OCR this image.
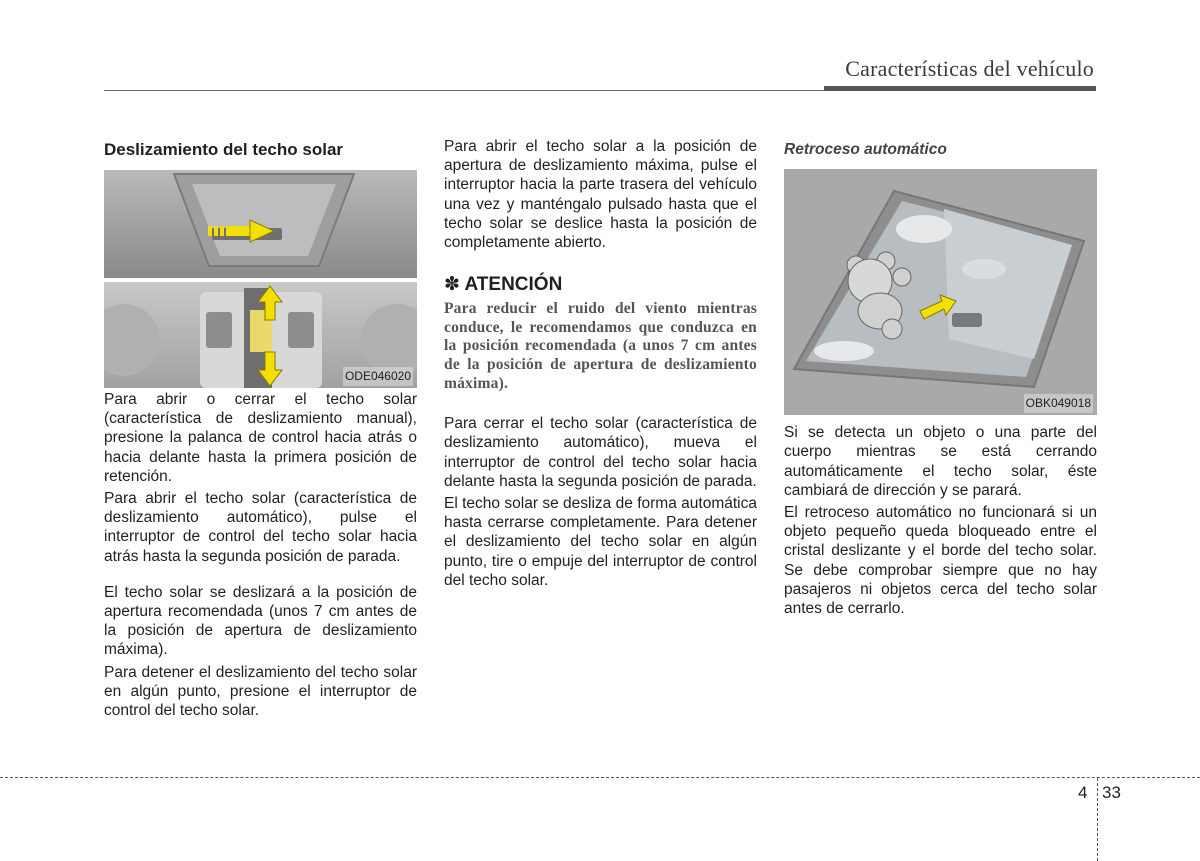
Características del vehículo

Deslizamiento del techo solar

ODE046020

Para abrir o cerrar el techo solar (característica de deslizamiento manual), presione la palanca de control hacia atrás o hacia delante hasta la primera posición de retención.

Para abrir el techo solar (característica de deslizamiento automático), pulse el interruptor de control del techo solar hacia atrás hasta la segunda posición de parada.

El techo solar se deslizará a la posición de apertura recomendada (unos 7 cm antes de la posición de apertura de deslizamiento máxima).

Para detener el deslizamiento del techo solar en algún punto, presione el interruptor de control del techo solar.

Para abrir el techo solar a la posición de apertura de deslizamiento máxima, pulse el interruptor hacia la parte trasera del vehículo una vez y manténgalo pulsado hasta que el techo solar se deslice hasta la posición de completamente abierto.

✽ ATENCIÓN

Para reducir el ruido del viento mientras conduce, le recomendamos que conduzca en la posición recomendada (a unos 7 cm antes de la posición de apertura de deslizamiento máxima).

Para cerrar el techo solar (característica de deslizamiento automático), mueva el interruptor de control del techo solar hacia delante hasta la segunda posición de parada.

El techo solar se desliza de forma automática hasta cerrarse completamente. Para detener el deslizamiento del techo solar en algún punto, tire o empuje del interruptor de control del techo solar.

Retroceso automático

OBK049018

Si se detecta un objeto o una parte del cuerpo mientras se está cerrando automáticamente el techo solar, éste cambiará de dirección y se parará.

El retroceso automático no funcionará si un objeto pequeño queda bloqueado entre el cristal deslizante y el borde del techo solar. Se debe comprobar siempre que no hay pasajeros ni objetos cerca del techo solar antes de cerrarlo.

4 33
